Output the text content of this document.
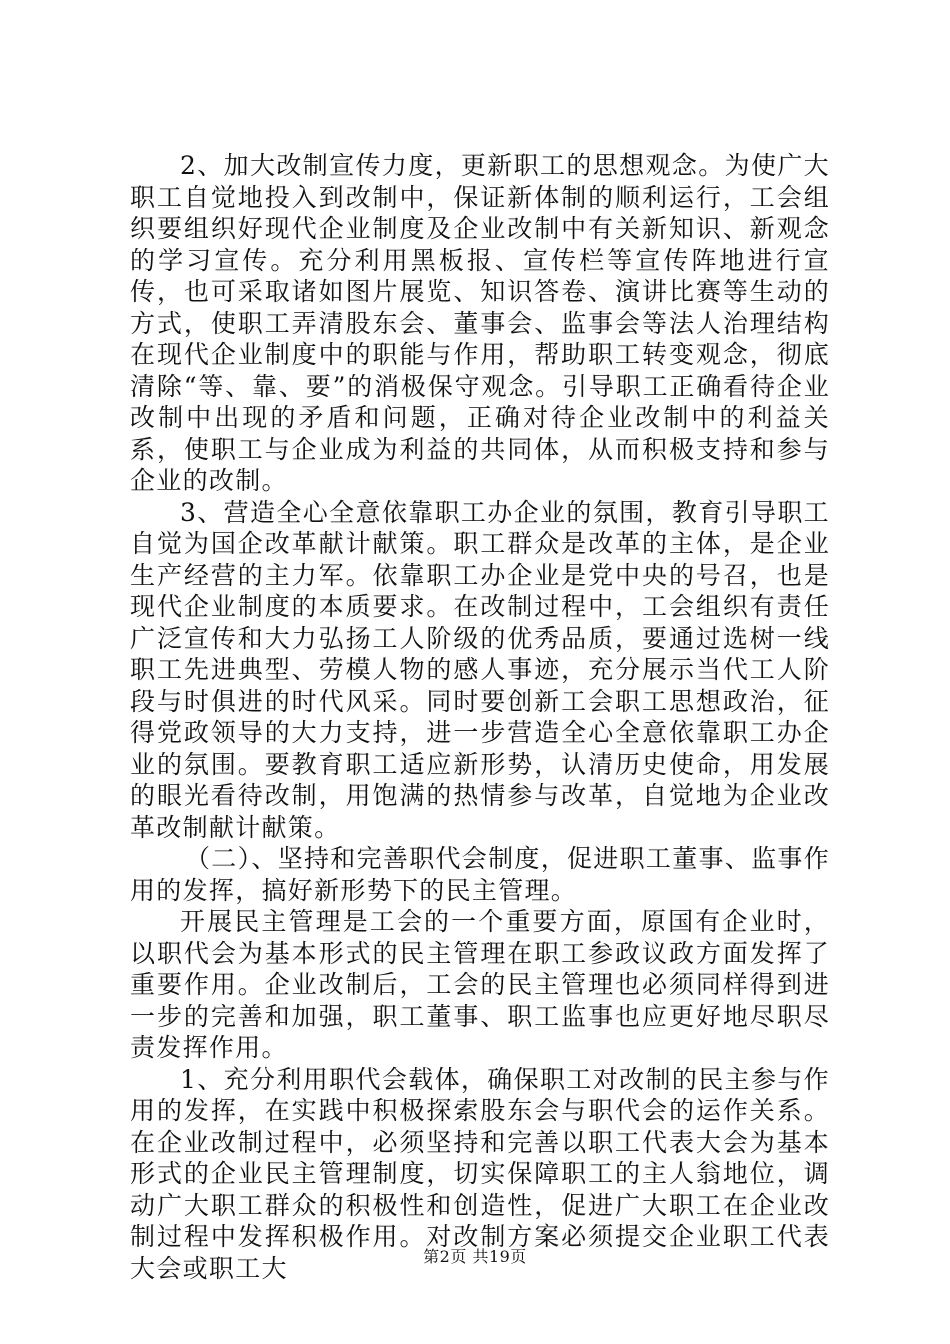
2、加大改制宣传力度，更新职工的思想观念。为使广大职工自觉地投入到改制中，保证新体制的顺利运行，工会组织要组织好现代企业制度及企业改制中有关新知识、新观念的学习宣传。充分利用黑板报、宣传栏等宣传阵地进行宣传，也可采取诸如图片展览、知识答卷、演讲比赛等生动的方式，使职工弄清股东会、董事会、监事会等法人治理结构在现代企业制度中的职能与作用，帮助职工转变观念，彻底清除“等、靠、要”的消极保守观念。引导职工正确看待企业改制中出现的矛盾和问题，正确对待企业改制中的利益关系，使职工与企业成为利益的共同体，从而积极支持和参与企业的改制。

3、营造全心全意依靠职工办企业的氛围，教育引导职工自觉为国企改革献计献策。职工群众是改革的主体，是企业生产经营的主力军。依靠职工办企业是党中央的号召，也是现代企业制度的本质要求。在改制过程中，工会组织有责任广泛宣传和大力弘扬工人阶级的优秀品质，要通过选树一线职工先进典型、劳模人物的感人事迹，充分展示当代工人阶段与时俱进的时代风采。同时要创新工会职工思想政治，征得党政领导的大力支持，进一步营造全心全意依靠职工办企业的氛围。要教育职工适应新形势，认清历史使命，用发展的眼光看待改制，用饱满的热情参与改革，自觉地为企业改革改制献计献策。

（二）、坚持和完善职代会制度，促进职工董事、监事作用的发挥，搞好新形势下的民主管理。

开展民主管理是工会的一个重要方面，原国有企业时，以职代会为基本形式的民主管理在职工参政议政方面发挥了重要作用。企业改制后，工会的民主管理也必须同样得到进一步的完善和加强，职工董事、职工监事也应更好地尽职尽责发挥作用。

1、充分利用职代会载体，确保职工对改制的民主参与作用的发挥，在实践中积极探索股东会与职代会的运作关系。在企业改制过程中，必须坚持和完善以职工代表大会为基本形式的企业民主管理制度，切实保障职工的主人翁地位，调动广大职工群众的积极性和创造性，促进广大职工在企业改制过程中发挥积极作用。对改制方案必须提交企业职工代表大会或职工大	第2页 共19页
